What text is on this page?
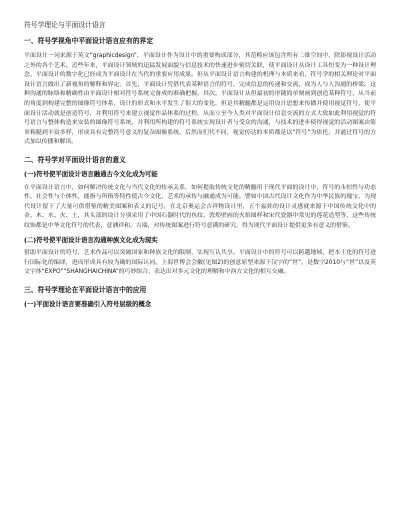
符号学理论与平面设计语言
一、符号学视角中平面设计语言应有的界定
平面设计一词来源于英文“graphicdesign”，平面设计作为设计中的重要构成部分，其范畴应该包含所有二维空间中，除影视设计活动之外的各个艺术。近些年来，平面设计领域的迅猛发展面貌与信息技术的快速进步密切关联，使平面设计从设计工具恒变为一种设计理念，平面设计的数字化已经成为平面设计在当代的重要应用成果。但从平面设计语言构建的机理与本质来看，符号学的相关理论对平面设计语言做出了新视角的解释和界定。首先，平面设计凭借代表某种语言的符号，完成信息的传递和交流，成为人与人沟通的桥梁。这种沟通的脉络和精确性由平面设计相对符号系统完备成的准确把握。其次，平面设计从但最初的形随简单刻画到创造某种符号，从当前的角度到构建完整的图像符号体系，设计的形式和水平发生了很大的变化，但是其精髓都是运用设计思想来传播并使用视觉符号，使平面设计活动就是创造符号，并利用符号来建立视觉作品体系的过程，从而立至今人类对平面设计信息交流的方式大致如此利用视觉的符号语言与整体构造来安装的图像符号系统，并利用所构建的符号系统实现设计者与受众的沟通，与技术的进步使得视觉的活动图案由简单粗糙到丰富多样，形成具有完整符号意义的复杂图像系统。后然而们代不同，视觉传达的本质都是以“符号”为依托，并通过符号的方式加以传播和解读。
二、符号学对平面设计语言的意义
(一)符号使平面设计语言融通古今文化成为可能
在平面设计语言中，如何解决传统文化与当代文化的传承关系，如何提取传统文化的精髓用于现代平面的设计中，符号的永恒性与功态性，社会性与个体性，能指与所指等特性使古今文化，艺术的承传与融通成为可能。譬如中国古代设计文化作为中华民族的瑰宝，为现代设计留下了大量可供借鉴的精美图案和表义的记号，在北京奥运会吉祥物设计里，五个福娃的设计灵感就来源于中国传统文化中的金、木、水、火、土，其头部的设计分别采用了中国石器时代的鱼纹、敦煌壁画的火焰图样和宋代瓷器中常见的莲花造型等，这些传统纹饰都是中华文化符号的代表，意涵祥和，吉瑞，对传统图案进行符号意满的研究，得为现代平面设计提供更多有意义的借鉴。
(二)符号使平面设计语言沟通种族文化成为现实
借助平面设计的符号，艺术作品可以突破国家和种族文化的限制，实现互认共享。平面设计中的符号可以跨越地域，把本土化的符号进行国际化的编译，进而形成具有较为确的国际认同。上海世博会会徽(见图2)的创意原型来源于汉字的“世”，是数字2010与“世”以及英文字体“EXPO”“SHANGHAICHINA”的巧妙组合，表达出对多元文化的理解和中西方文化的相互交融。
三、符号学理论在平面设计语言中的应用
(一)平面设计语言要准确引入符号层级的概念
